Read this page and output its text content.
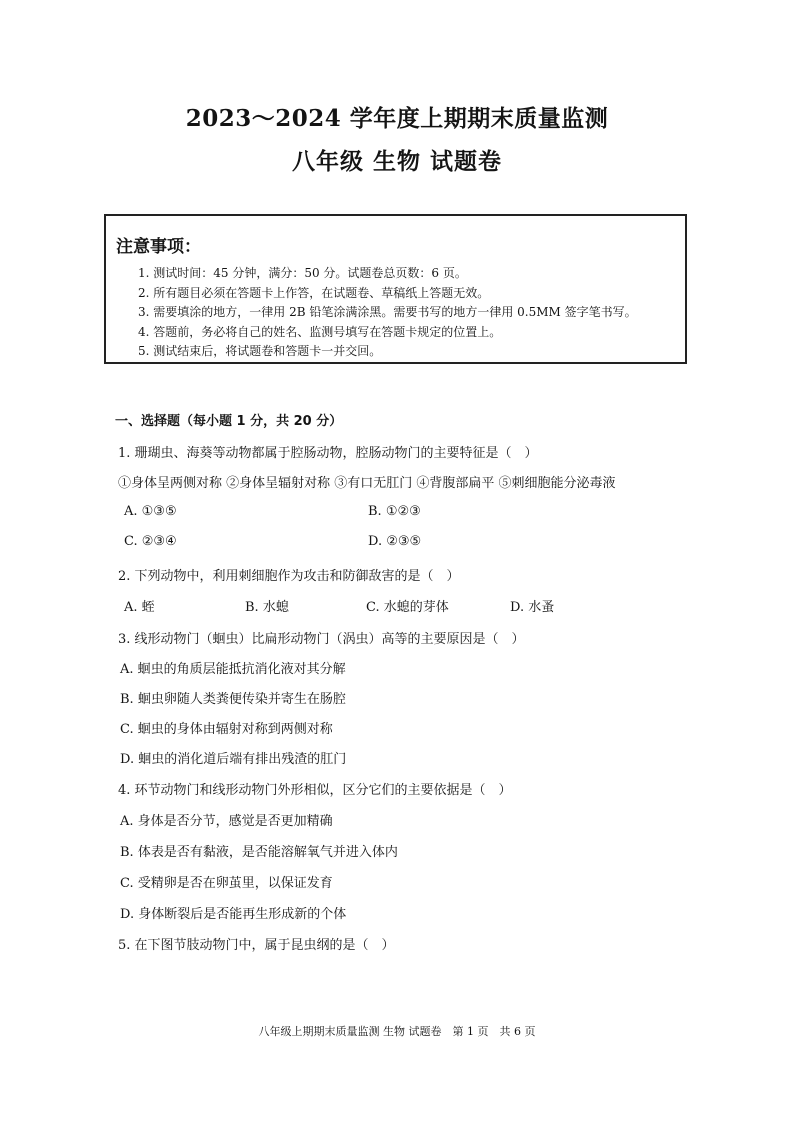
2023～2024 学年度上期期末质量监测
八年级 生物 试题卷
注意事项：
1. 测试时间：45 分钟，满分：50 分。试题卷总页数：6 页。
2. 所有题目必须在答题卡上作答，在试题卷、草稿纸上答题无效。
3. 需要填涂的地方，一律用 2B 铅笔涂满涂黑。需要书写的地方一律用 0.5MM 签字笔书写。
4. 答题前，务必将自己的姓名、监测号填写在答题卡规定的位置上。
5. 测试结束后，将试题卷和答题卡一并交回。
一、选择题（每小题 1 分，共 20 分）
1. 珊瑚虫、海葵等动物都属于腔肠动物，腔肠动物门的主要特征是（　）
①身体呈两侧对称 ②身体呈辐射对称 ③有口无肛门 ④背腹部扁平 ⑤刺细胞能分泌毒液
A. ①③⑤	B. ①②③
C. ②③④	D. ②③⑤
2. 下列动物中，利用刺细胞作为攻击和防御敌害的是（　）
A. 蛭	B. 水螅	C. 水螅的芽体	D. 水蚤
3. 线形动物门（蛔虫）比扁形动物门（涡虫）高等的主要原因是（　）
A. 蛔虫的角质层能抵抗消化液对其分解
B. 蛔虫卵随人类粪便传染并寄生在肠腔
C. 蛔虫的身体由辐射对称到两侧对称
D. 蛔虫的消化道后端有排出残渣的肛门
4. 环节动物门和线形动物门外形相似，区分它们的主要依据是（　）
A. 身体是否分节，感觉是否更加精确
B. 体表是否有黏液，是否能溶解氧气并进入体内
C. 受精卵是否在卵茧里，以保证发育
D. 身体断裂后是否能再生形成新的个体
5. 在下图节肢动物门中，属于昆虫纲的是（　）
八年级上期期末质量监测 生物 试题卷　第 1 页　共 6 页
